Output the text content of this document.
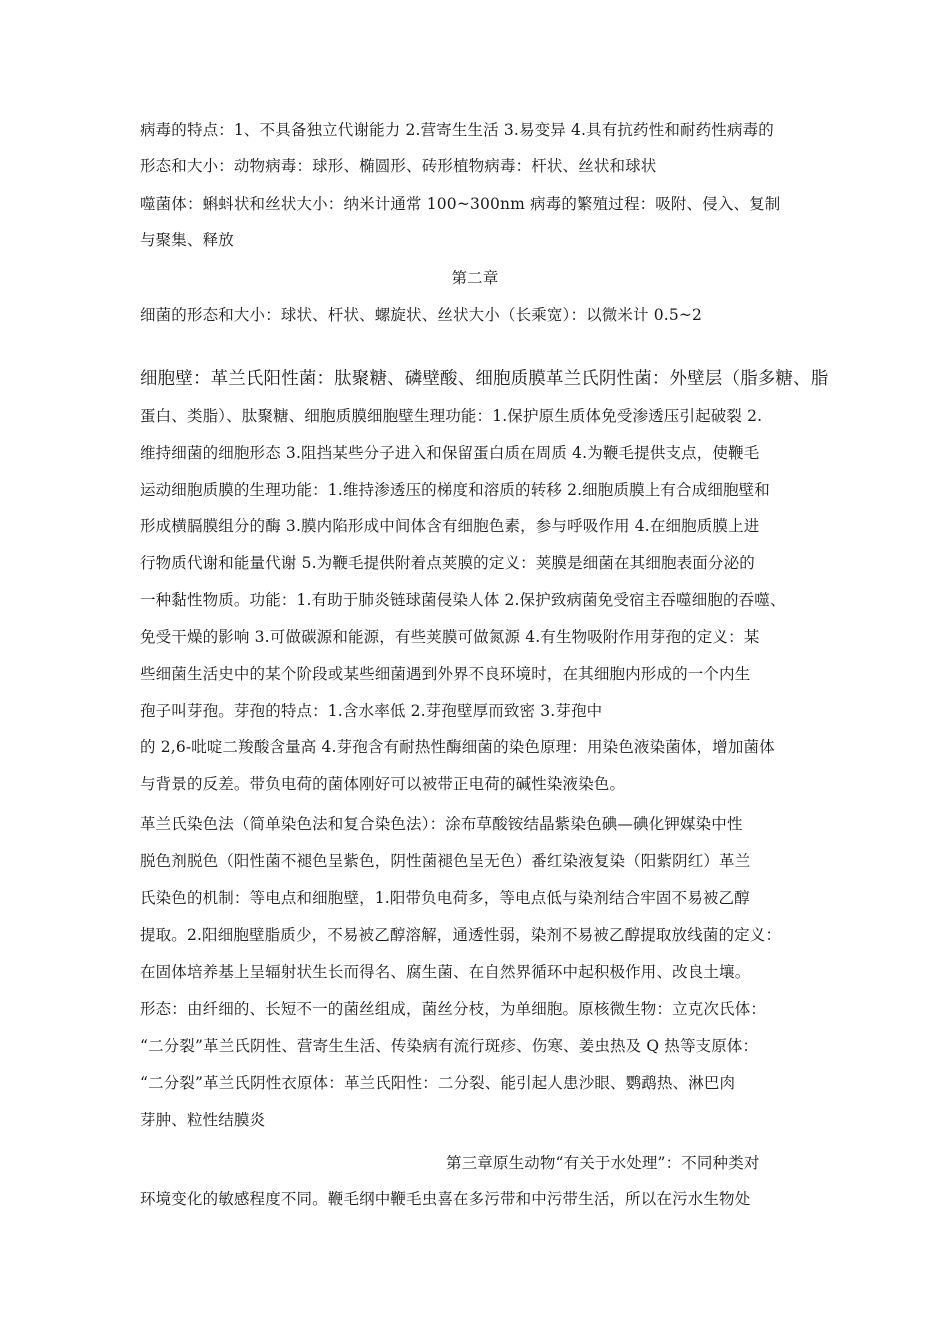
病毒的特点：1、不具备独立代谢能力 2.营寄生生活 3.易变异 4.具有抗药性和耐药性病毒的
形态和大小：动物病毒：球形、椭圆形、砖形植物病毒：杆状、丝状和球状
噬菌体：蝌蚪状和丝状大小：纳米计通常 100~300nm 病毒的繁殖过程：吸附、侵入、复制
与聚集、释放
第二章
细菌的形态和大小：球状、杆状、螺旋状、丝状大小（长乘宽）：以微米计 0.5~2
细胞壁：革兰氏阳性菌：肽聚糖、磷壁酸、细胞质膜革兰氏阴性菌：外壁层（脂多糖、脂
蛋白、类脂）、肽聚糖、细胞质膜细胞壁生理功能：1.保护原生质体免受渗透压引起破裂 2.
维持细菌的细胞形态 3.阻挡某些分子进入和保留蛋白质在周质 4.为鞭毛提供支点，使鞭毛
运动细胞质膜的生理功能：1.维持渗透压的梯度和溶质的转移 2.细胞质膜上有合成细胞壁和
形成横膈膜组分的酶 3.膜内陷形成中间体含有细胞色素，参与呼吸作用 4.在细胞质膜上进
行物质代谢和能量代谢 5.为鞭毛提供附着点荚膜的定义：荚膜是细菌在其细胞表面分泌的
一种黏性物质。功能：1.有助于肺炎链球菌侵染人体 2.保护致病菌免受宿主吞噬细胞的吞噬、
免受干燥的影响 3.可做碳源和能源，有些荚膜可做氮源 4.有生物吸附作用芽孢的定义：某
些细菌生活史中的某个阶段或某些细菌遇到外界不良环境时，在其细胞内形成的一个内生
孢子叫芽孢。芽孢的特点：1.含水率低 2.芽孢壁厚而致密 3.芽孢中
的 2,6-吡啶二羧酸含量高 4.芽孢含有耐热性酶细菌的染色原理：用染色液染菌体，增加菌体
与背景的反差。带负电荷的菌体刚好可以被带正电荷的碱性染液染色。
革兰氏染色法（简单染色法和复合染色法）：涂布草酸铵结晶紫染色碘—碘化钾媒染中性
脱色剂脱色（阳性菌不褪色呈紫色，阴性菌褪色呈无色）番红染液复染（阳紫阴红）革兰
氏染色的机制：等电点和细胞壁，1.阳带负电荷多，等电点低与染剂结合牢固不易被乙醇
提取。2.阳细胞壁脂质少，不易被乙醇溶解，通透性弱，染剂不易被乙醇提取放线菌的定义：
在固体培养基上呈辐射状生长而得名、腐生菌、在自然界循环中起积极作用、改良土壤。
形态：由纤细的、长短不一的菌丝组成，菌丝分枝，为单细胞。原核微生物：立克次氏体：
“二分裂”革兰氏阴性、营寄生生活、传染病有流行斑疹、伤寒、姜虫热及 Q 热等支原体：
“二分裂”革兰氏阴性衣原体：革兰氏阳性：二分裂、能引起人患沙眼、鹦鹉热、淋巴肉
芽肿、粒性结膜炎
第三章原生动物“有关于水处理”：不同种类对
环境变化的敏感程度不同。鞭毛纲中鞭毛虫喜在多污带和中污带生活，所以在污水生物处
